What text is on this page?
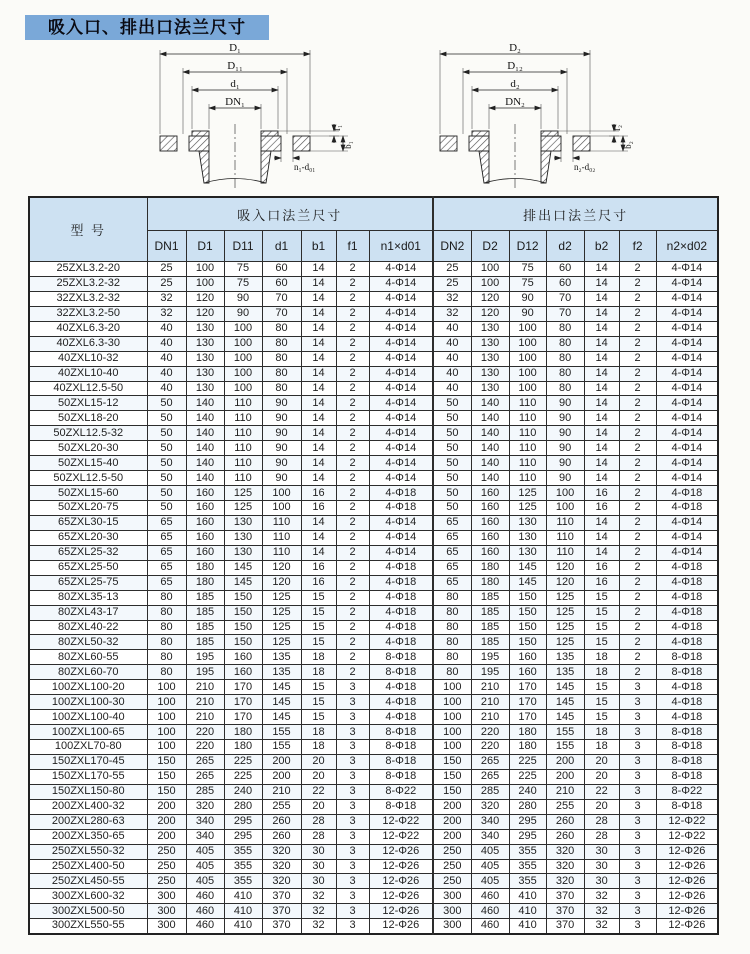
吸入口、排出口法兰尺寸
D₁
D₁₁
d₁
DN₁
f₁
b₁
n₁-d₀₁
D₂
D₁₂
d₂
DN₂
f₂
b₂
n₂-d₀₂
型 号	吸入口法兰尺寸							排出口法兰尺寸						
	DN1	D1	D11	d1	b1	f1	n1×d01	DN2	D2	D12	d2	b2	f2	n2×d02
25ZXL3.2-20	25	100	75	60	14	2	4-Φ14	25	100	75	60	14	2	4-Φ14
25ZXL3.2-32	25	100	75	60	14	2	4-Φ14	25	100	75	60	14	2	4-Φ14
32ZXL3.2-32	32	120	90	70	14	2	4-Φ14	32	120	90	70	14	2	4-Φ14
32ZXL3.2-50	32	120	90	70	14	2	4-Φ14	32	120	90	70	14	2	4-Φ14
40ZXL6.3-20	40	130	100	80	14	2	4-Φ14	40	130	100	80	14	2	4-Φ14
40ZXL6.3-30	40	130	100	80	14	2	4-Φ14	40	130	100	80	14	2	4-Φ14
40ZXL10-32	40	130	100	80	14	2	4-Φ14	40	130	100	80	14	2	4-Φ14
40ZXL10-40	40	130	100	80	14	2	4-Φ14	40	130	100	80	14	2	4-Φ14
40ZXL12.5-50	40	130	100	80	14	2	4-Φ14	40	130	100	80	14	2	4-Φ14
50ZXL15-12	50	140	110	90	14	2	4-Φ14	50	140	110	90	14	2	4-Φ14
50ZXL18-20	50	140	110	90	14	2	4-Φ14	50	140	110	90	14	2	4-Φ14
50ZXL12.5-32	50	140	110	90	14	2	4-Φ14	50	140	110	90	14	2	4-Φ14
50ZXL20-30	50	140	110	90	14	2	4-Φ14	50	140	110	90	14	2	4-Φ14
50ZXL15-40	50	140	110	90	14	2	4-Φ14	50	140	110	90	14	2	4-Φ14
50ZXL12.5-50	50	140	110	90	14	2	4-Φ14	50	140	110	90	14	2	4-Φ14
50ZXL15-60	50	160	125	100	16	2	4-Φ18	50	160	125	100	16	2	4-Φ18
50ZXL20-75	50	160	125	100	16	2	4-Φ18	50	160	125	100	16	2	4-Φ18
65ZXL30-15	65	160	130	110	14	2	4-Φ14	65	160	130	110	14	2	4-Φ14
65ZXL20-30	65	160	130	110	14	2	4-Φ14	65	160	130	110	14	2	4-Φ14
65ZXL25-32	65	160	130	110	14	2	4-Φ14	65	160	130	110	14	2	4-Φ14
65ZXL25-50	65	180	145	120	16	2	4-Φ18	65	180	145	120	16	2	4-Φ18
65ZXL25-75	65	180	145	120	16	2	4-Φ18	65	180	145	120	16	2	4-Φ18
80ZXL35-13	80	185	150	125	15	2	4-Φ18	80	185	150	125	15	2	4-Φ18
80ZXL43-17	80	185	150	125	15	2	4-Φ18	80	185	150	125	15	2	4-Φ18
80ZXL40-22	80	185	150	125	15	2	4-Φ18	80	185	150	125	15	2	4-Φ18
80ZXL50-32	80	185	150	125	15	2	4-Φ18	80	185	150	125	15	2	4-Φ18
80ZXL60-55	80	195	160	135	18	2	8-Φ18	80	195	160	135	18	2	8-Φ18
80ZXL60-70	80	195	160	135	18	2	8-Φ18	80	195	160	135	18	2	8-Φ18
100ZXL100-20	100	210	170	145	15	3	4-Φ18	100	210	170	145	15	3	4-Φ18
100ZXL100-30	100	210	170	145	15	3	4-Φ18	100	210	170	145	15	3	4-Φ18
100ZXL100-40	100	210	170	145	15	3	4-Φ18	100	210	170	145	15	3	4-Φ18
100ZXL100-65	100	220	180	155	18	3	8-Φ18	100	220	180	155	18	3	8-Φ18
100ZXL70-80	100	220	180	155	18	3	8-Φ18	100	220	180	155	18	3	8-Φ18
150ZXL170-45	150	265	225	200	20	3	8-Φ18	150	265	225	200	20	3	8-Φ18
150ZXL170-55	150	265	225	200	20	3	8-Φ18	150	265	225	200	20	3	8-Φ18
150ZXL150-80	150	285	240	210	22	3	8-Φ22	150	285	240	210	22	3	8-Φ22
200ZXL400-32	200	320	280	255	20	3	8-Φ18	200	320	280	255	20	3	8-Φ18
200ZXL280-63	200	340	295	260	28	3	12-Φ22	200	340	295	260	28	3	12-Φ22
200ZXL350-65	200	340	295	260	28	3	12-Φ22	200	340	295	260	28	3	12-Φ22
250ZXL550-32	250	405	355	320	30	3	12-Φ26	250	405	355	320	30	3	12-Φ26
250ZXL400-50	250	405	355	320	30	3	12-Φ26	250	405	355	320	30	3	12-Φ26
250ZXL450-55	250	405	355	320	30	3	12-Φ26	250	405	355	320	30	3	12-Φ26
300ZXL600-32	300	460	410	370	32	3	12-Φ26	300	460	410	370	32	3	12-Φ26
300ZXL500-50	300	460	410	370	32	3	12-Φ26	300	460	410	370	32	3	12-Φ26
300ZXL550-55	300	460	410	370	32	3	12-Φ26	300	460	410	370	32	3	12-Φ26
